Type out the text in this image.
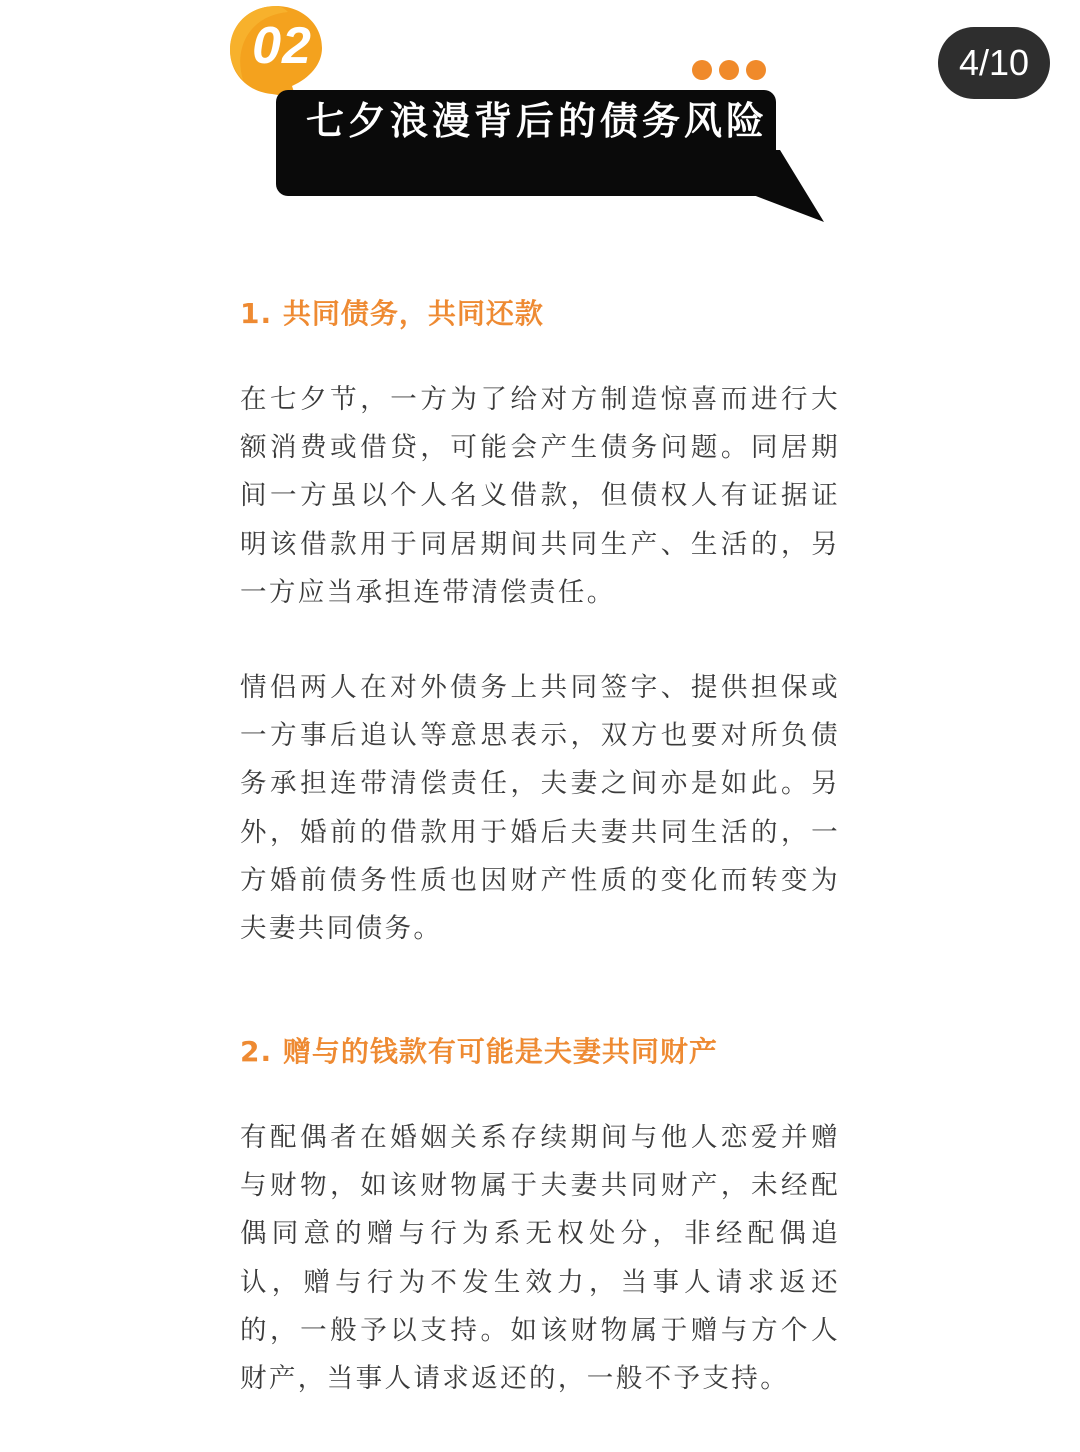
4/10
02
七夕浪漫背后的债务风险
1. 共同债务，共同还款

在七夕节，一方为了给对方制造惊喜而进行大额消费或借贷，可能会产生债务问题。同居期间一方虽以个人名义借款，但债权人有证据证明该借款用于同居期间共同生产、生活的，另一方应当承担连带清偿责任。

情侣两人在对外债务上共同签字、提供担保或一方事后追认等意思表示，双方也要对所负债务承担连带清偿责任，夫妻之间亦是如此。另外，婚前的借款用于婚后夫妻共同生活的，一方婚前债务性质也因财产性质的变化而转变为夫妻共同债务。

2. 赠与的钱款有可能是夫妻共同财产

有配偶者在婚姻关系存续期间与他人恋爱并赠与财物，如该财物属于夫妻共同财产，未经配偶同意的赠与行为系无权处分，非经配偶追认，赠与行为不发生效力，当事人请求返还的，一般予以支持。如该财物属于赠与方个人财产，当事人请求返还的，一般不予支持。
